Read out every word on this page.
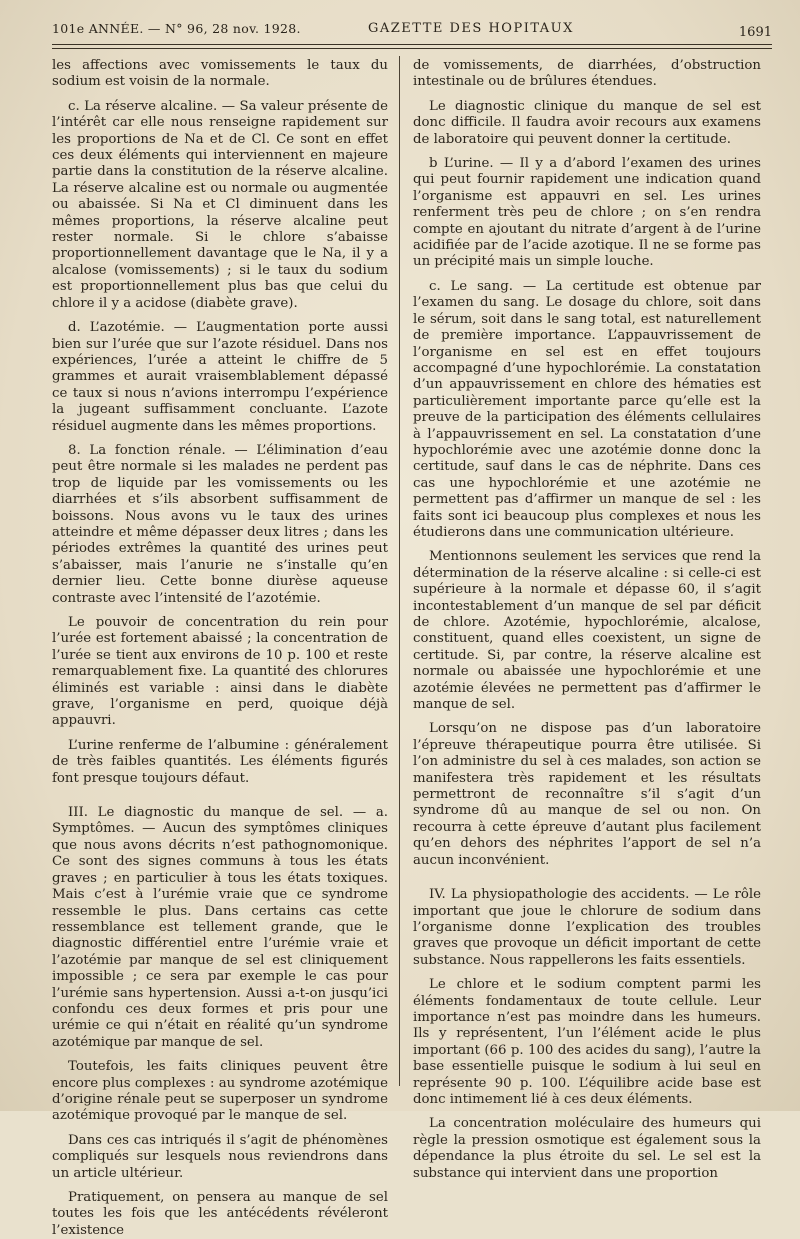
101e ANNÉE. — N° 96, 28 nov. 1928.	GAZETTE DES HOPITAUX	1691

les affections avec vomissements le taux du sodium est voisin de la normale.

c. La réserve alcaline. — Sa valeur présente de l’intérêt car elle nous renseigne rapidement sur les proportions de Na et de Cl. Ce sont en effet ces deux éléments qui interviennent en majeure partie dans la constitution de la réserve alcaline. La réserve alcaline est ou normale ou augmentée ou abaissée. Si Na et Cl diminuent dans les mêmes proportions, la réserve alcaline peut rester normale. Si le chlore s’abaisse proportionnellement davantage que le Na, il y a alcalose (vomissements) ; si le taux du sodium est proportionnellement plus bas que celui du chlore il y a acidose (diabète grave).

d. L’azotémie. — L’augmentation porte aussi bien sur l’urée que sur l’azote résiduel. Dans nos expériences, l’urée a atteint le chiffre de 5 grammes et aurait vraisemblablement dépassé ce taux si nous n’avions interrompu l’expérience la jugeant suffisamment concluante. L’azote résiduel augmente dans les mêmes proportions.

8. La fonction rénale. — L’élimination d’eau peut être normale si les malades ne perdent pas trop de liquide par les vomissements ou les diarrhées et s’ils absorbent suffisamment de boissons. Nous avons vu le taux des urines atteindre et même dépasser deux litres ; dans les périodes extrêmes la quantité des urines peut s’abaisser, mais l’anurie ne s’installe qu’en dernier lieu. Cette bonne diurèse aqueuse contraste avec l’intensité de l’azotémie.

Le pouvoir de concentration du rein pour l’urée est fortement abaissé ; la concentration de l’urée se tient aux environs de 10 p. 100 et reste remarquablement fixe. La quantité des chlorures éliminés est variable : ainsi dans le diabète grave, l’organisme en perd, quoique déjà appauvri.

L’urine renferme de l’albumine : généralement de très faibles quantités. Les éléments figurés font presque toujours défaut.

III. Le diagnostic du manque de sel. — a. Symptômes. — Aucun des symptômes cliniques que nous avons décrits n’est pathognomonique. Ce sont des signes communs à tous les états graves ; en particulier à tous les états toxiques. Mais c’est à l’urémie vraie que ce syndrome ressemble le plus. Dans certains cas cette ressemblance est tellement grande, que le diagnostic différentiel entre l’urémie vraie et l’azotémie par manque de sel est cliniquement impossible ; ce sera par exemple le cas pour l’urémie sans hypertension. Aussi a-t-on jusqu’ici confondu ces deux formes et pris pour une urémie ce qui n’était en réalité qu’un syndrome azotémique par manque de sel.

Toutefois, les faits cliniques peuvent être encore plus complexes : au syndrome azotémique d’origine rénale peut se superposer un syndrome azotémique provoqué par le manque de sel.

Dans ces cas intriqués il s’agit de phénomènes compliqués sur lesquels nous reviendrons dans un article ultérieur.

Pratiquement, on pensera au manque de sel toutes les fois que les antécédents révéleront l’existence

de vomissements, de diarrhées, d’obstruction intestinale ou de brûlures étendues.

Le diagnostic clinique du manque de sel est donc difficile. Il faudra avoir recours aux examens de laboratoire qui peuvent donner la certitude.

b L’urine. — Il y a d’abord l’examen des urines qui peut fournir rapidement une indication quand l’organisme est appauvri en sel. Les urines renferment très peu de chlore ; on s’en rendra compte en ajoutant du nitrate d’argent à de l’urine acidifiée par de l’acide azotique. Il ne se forme pas un précipité mais un simple louche.

c. Le sang. — La certitude est obtenue par l’examen du sang. Le dosage du chlore, soit dans le sérum, soit dans le sang total, est naturellement de première importance. L’appauvrissement de l’organisme en sel est en effet toujours accompagné d’une hypochlorémie. La constatation d’un appauvrissement en chlore des hématies est particulièrement importante parce qu’elle est la preuve de la participation des éléments cellulaires à l’appauvrissement en sel. La constatation d’une hypochlorémie avec une azotémie donne donc la certitude, sauf dans le cas de néphrite. Dans ces cas une hypochlorémie et une azotémie ne permettent pas d’affirmer un manque de sel : les faits sont ici beaucoup plus complexes et nous les étudierons dans une communication ultérieure.

Mentionnons seulement les services que rend la détermination de la réserve alcaline : si celle-ci est supérieure à la normale et dépasse 60, il s’agit incontestablement d’un manque de sel par déficit de chlore. Azotémie, hypochlorémie, alcalose, constituent, quand elles coexistent, un signe de certitude. Si, par contre, la réserve alcaline est normale ou abaissée une hypochlorémie et une azotémie élevées ne permettent pas d’affirmer le manque de sel.

Lorsqu’on ne dispose pas d’un laboratoire l’épreuve thérapeutique pourra être utilisée. Si l’on administre du sel à ces malades, son action se manifestera très rapidement et les résultats permettront de reconnaître s’il s’agit d’un syndrome dû au manque de sel ou non. On recourra à cette épreuve d’autant plus facilement qu’en dehors des néphrites l’apport de sel n’a aucun inconvénient.

IV. La physiopathologie des accidents. — Le rôle important que joue le chlorure de sodium dans l’organisme donne l’explication des troubles graves que provoque un déficit important de cette substance. Nous rappellerons les faits essentiels.

Le chlore et le sodium comptent parmi les éléments fondamentaux de toute cellule. Leur importance n’est pas moindre dans les humeurs. Ils y représentent, l’un l’élément acide le plus important (66 p. 100 des acides du sang), l’autre la base essentielle puisque le sodium à lui seul en représente 90 p. 100. L’équilibre acide base est donc intimement lié à ces deux éléments.

La concentration moléculaire des humeurs qui règle la pression osmotique est également sous la dépendance la plus étroite du sel. Le sel est la substance qui intervient dans une proportion
